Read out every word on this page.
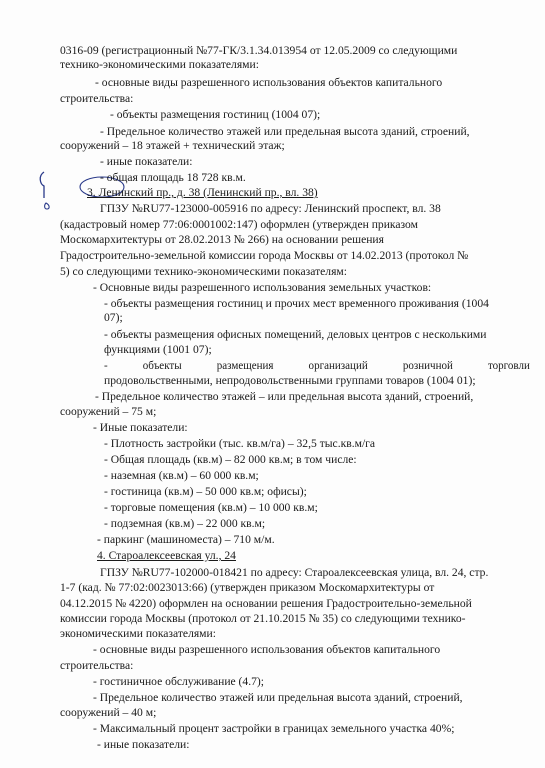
0316-09 (регистрационный №77-ГК/3.1.34.013954 от 12.05.2009 со следующими
технико-экономическими показателями:
- основные виды разрешенного использования объектов капитального
строительства:
- объекты размещения гостиниц (1004 07);
- Предельное количество этажей или предельная высота зданий, строений,
сооружений – 18 этажей + технический этаж;
- иные показатели:
- общая площадь 18 728 кв.м.
3. Ленинский пр., д. 38 (Ленинский пр., вл. 38)
ГПЗУ №RU77-123000-005916 по адресу: Ленинский проспект, вл. 38
(кадастровый номер 77:06:0001002:147) оформлен (утвержден приказом
Москомархитектуры от 28.02.2013 № 266) на основании решения
Градостроительно-земельной комиссии города Москвы от 14.02.2013 (протокол №
5) со следующими технико-экономическими показателям:
- Основные виды разрешенного использования земельных участков:
- объекты размещения гостиниц и прочих мест временного проживания (1004
07);
- объекты размещения офисных помещений, деловых центров с несколькими
функциями (1001 07);
- объекты размещения организаций розничной торговли
продовольственными, непродовольственными группами товаров (1004 01);
- Предельное количество этажей – или предельная высота зданий, строений,
сооружений – 75 м;
- Иные показатели:
- Плотность застройки (тыс. кв.м/га) – 32,5 тыс.кв.м/га
- Общая площадь (кв.м) – 82 000 кв.м; в том числе:
- наземная (кв.м) – 60 000 кв.м;
- гостиница (кв.м) – 50 000 кв.м; офисы);
- торговые помещения (кв.м) – 10 000 кв.м;
- подземная (кв.м) – 22 000 кв.м;
- паркинг (машиноместа) – 710 м/м.
4. Староалексеевская ул., 24
ГПЗУ №RU77-102000-018421 по адресу: Староалексеевская улица, вл. 24, стр.
1-7 (кад. № 77:02:0023013:66) (утвержден приказом Москомархитектуры от
04.12.2015 № 4220) оформлен на основании решения Градостроительно-земельной
комиссии города Москвы (протокол от 21.10.2015 № 35) со следующими технико-
экономическими показателями:
- основные виды разрешенного использования объектов капитального
строительства:
- гостиничное обслуживание (4.7);
- Предельное количество этажей или предельная высота зданий, строений,
сооружений – 40 м;
- Максимальный процент застройки в границах земельного участка 40%;
- иные показатели:
